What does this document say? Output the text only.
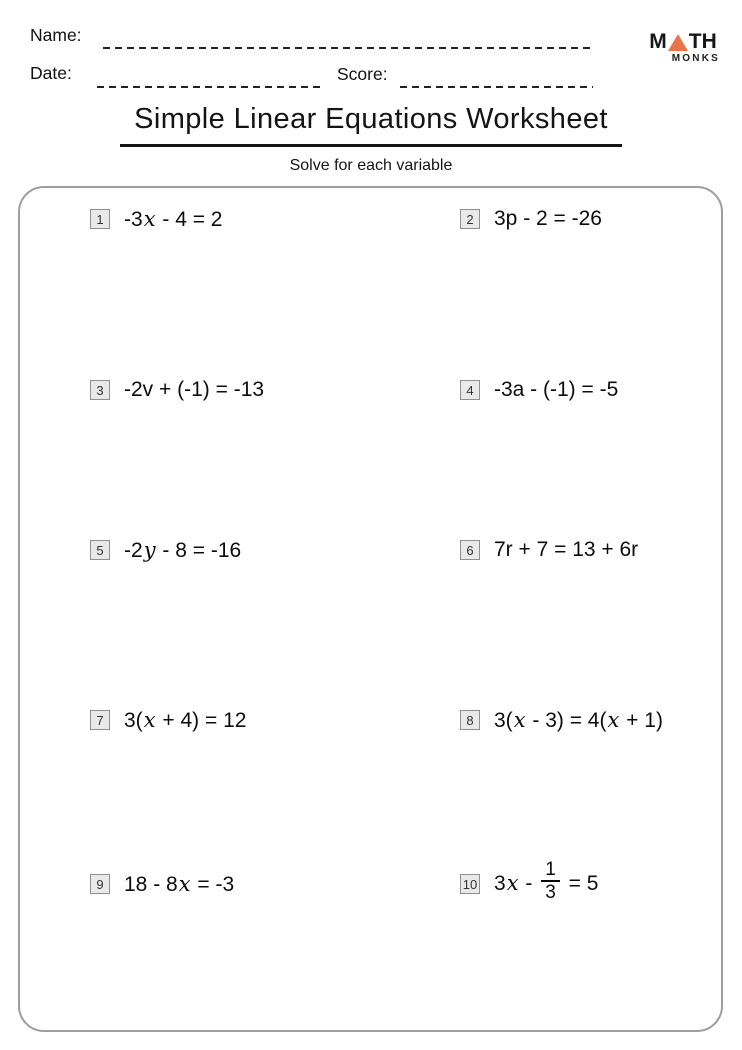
Name:
Date:	Score:
M TH
MONKS
Simple Linear Equations Worksheet
Solve for each variable
1 -3x - 4 = 2	2 3p - 2 = -26
3 -2v + (-1) = -13	4 -3a - (-1) = -5
5 -2y - 8 = -16	6 7r + 7 = 13 + 6r
7 3(x + 4) = 12	8 3(x - 3) = 4(x + 1)
9 18 - 8x = -3	10 $3x - \frac{1}{3} = 5$
